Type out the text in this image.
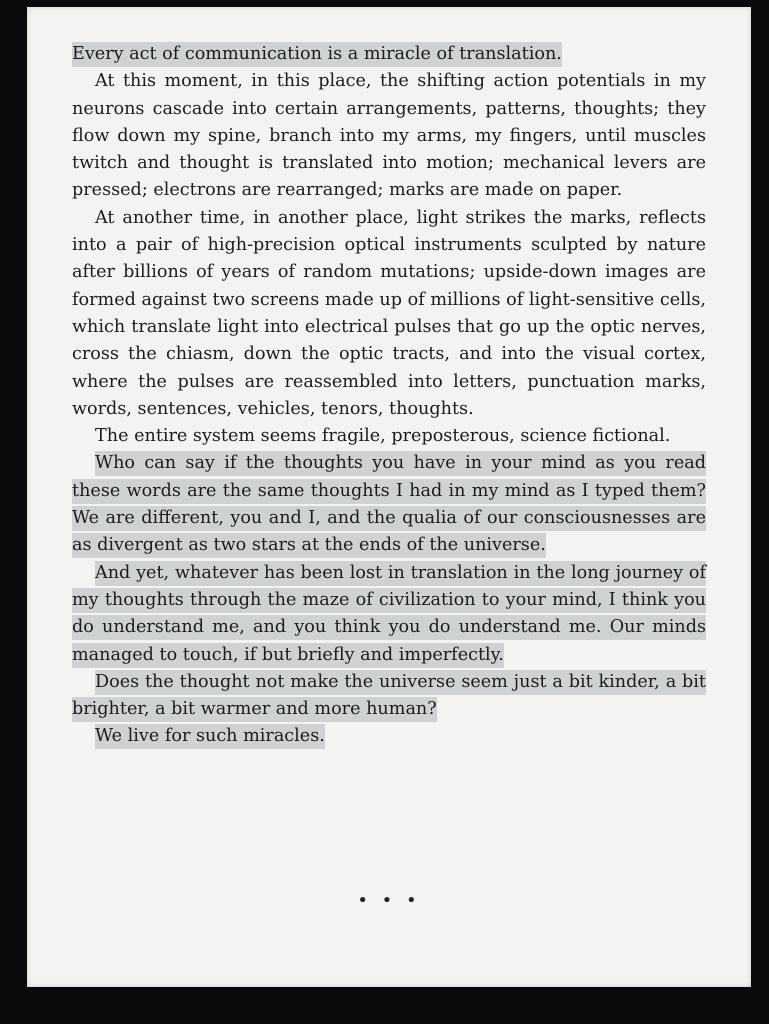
Every act of communication is a miracle of translation.

At this moment, in this place, the shifting action potentials in my neurons cascade into certain arrangements, patterns, thoughts; they flow down my spine, branch into my arms, my fingers, until muscles twitch and thought is translated into motion; mechanical levers are pressed; electrons are rearranged; marks are made on paper.

At another time, in another place, light strikes the marks, reflects into a pair of high-precision optical instruments sculpted by nature after billions of years of random mutations; upside-down images are formed against two screens made up of millions of light-sensitive cells, which translate light into electrical pulses that go up the optic nerves, cross the chiasm, down the optic tracts, and into the visual cortex, where the pulses are reassembled into letters, punctuation marks, words, sentences, vehicles, tenors, thoughts.

The entire system seems fragile, preposterous, science fictional.

Who can say if the thoughts you have in your mind as you read these words are the same thoughts I had in my mind as I typed them? We are different, you and I, and the qualia of our consciousnesses are as divergent as two stars at the ends of the universe.

And yet, whatever has been lost in translation in the long journey of my thoughts through the maze of civilization to your mind, I think you do understand me, and you think you do understand me. Our minds managed to touch, if but briefly and imperfectly.

Does the thought not make the universe seem just a bit kinder, a bit brighter, a bit warmer and more human?

We live for such miracles.

• • •
